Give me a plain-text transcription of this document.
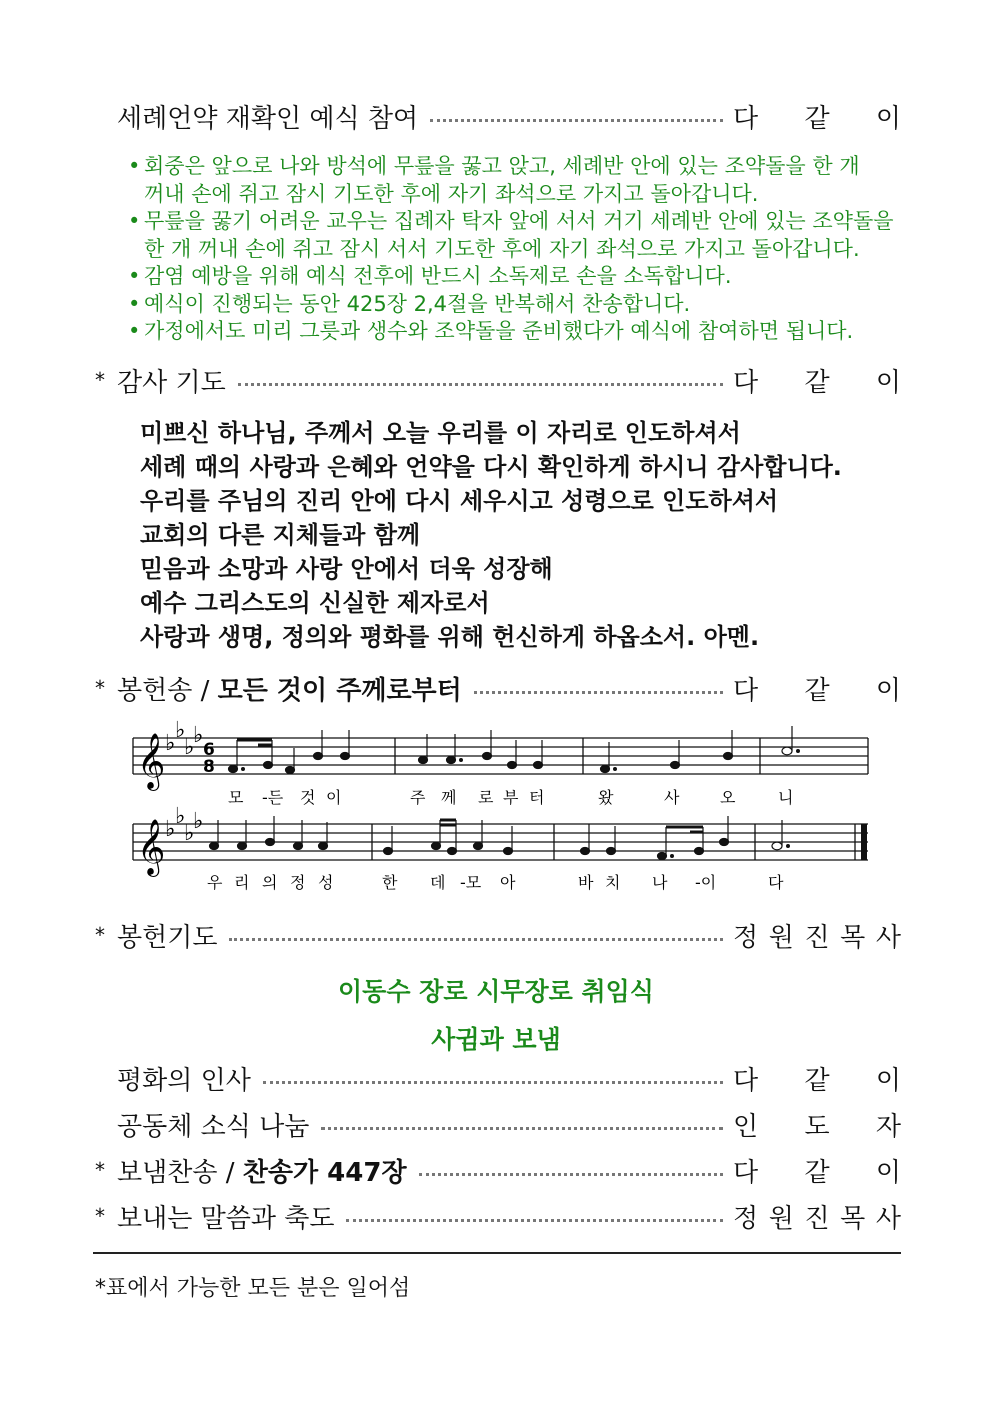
세례언약 재확인 예식 참여	다 같 이
• 회중은 앞으로 나와 방석에 무릎을 꿇고 앉고, 세례반 안에 있는 조약돌을 한 개
꺼내 손에 쥐고 잠시 기도한 후에 자기 좌석으로 가지고 돌아갑니다.
• 무릎을 꿇기 어려운 교우는 집례자 탁자 앞에 서서 거기 세례반 안에 있는 조약돌을
한 개 꺼내 손에 쥐고 잠시 서서 기도한 후에 자기 좌석으로 가지고 돌아갑니다.
• 감염 예방을 위해 예식 전후에 반드시 소독제로 손을 소독합니다.
• 예식이 진행되는 동안 425장 2,4절을 반복해서 찬송합니다.
• 가정에서도 미리 그릇과 생수와 조약돌을 준비했다가 예식에 참여하면 됩니다.
* 감사 기도	다 같 이
미쁘신 하나님, 주께서 오늘 우리를 이 자리로 인도하셔서
세례 때의 사랑과 은혜와 언약을 다시 확인하게 하시니 감사합니다.
우리를 주님의 진리 안에 다시 세우시고 성령으로 인도하셔서
교회의 다른 지체들과 함께
믿음과 소망과 사랑 안에서 더욱 성장해
예수 그리스도의 신실한 제자로서
사랑과 생명, 정의와 평화를 위해 헌신하게 하옵소서. 아멘.
* 봉헌송 / 모든 것이 주께로부터	다 같 이
𝄞 ♭
♭
♭
♭
6
8
모 -든 것 이	주 께 로 부 터	왔	사	오	니
𝄞 ♭
♭
♭
♭
우 리 의 정 성	한 데 -모 아	바 치 나 -이	다
* 봉헌기도	정 원 진 목 사
이동수 장로 시무장로 취임식
사귐과 보냄
평화의 인사	다 같 이
공동체 소식 나눔	인 도 자
* 보냄찬송 / 찬송가 447장	다 같 이
* 보내는 말씀과 축도	정 원 진 목 사
*표에서 가능한 모든 분은 일어섬
